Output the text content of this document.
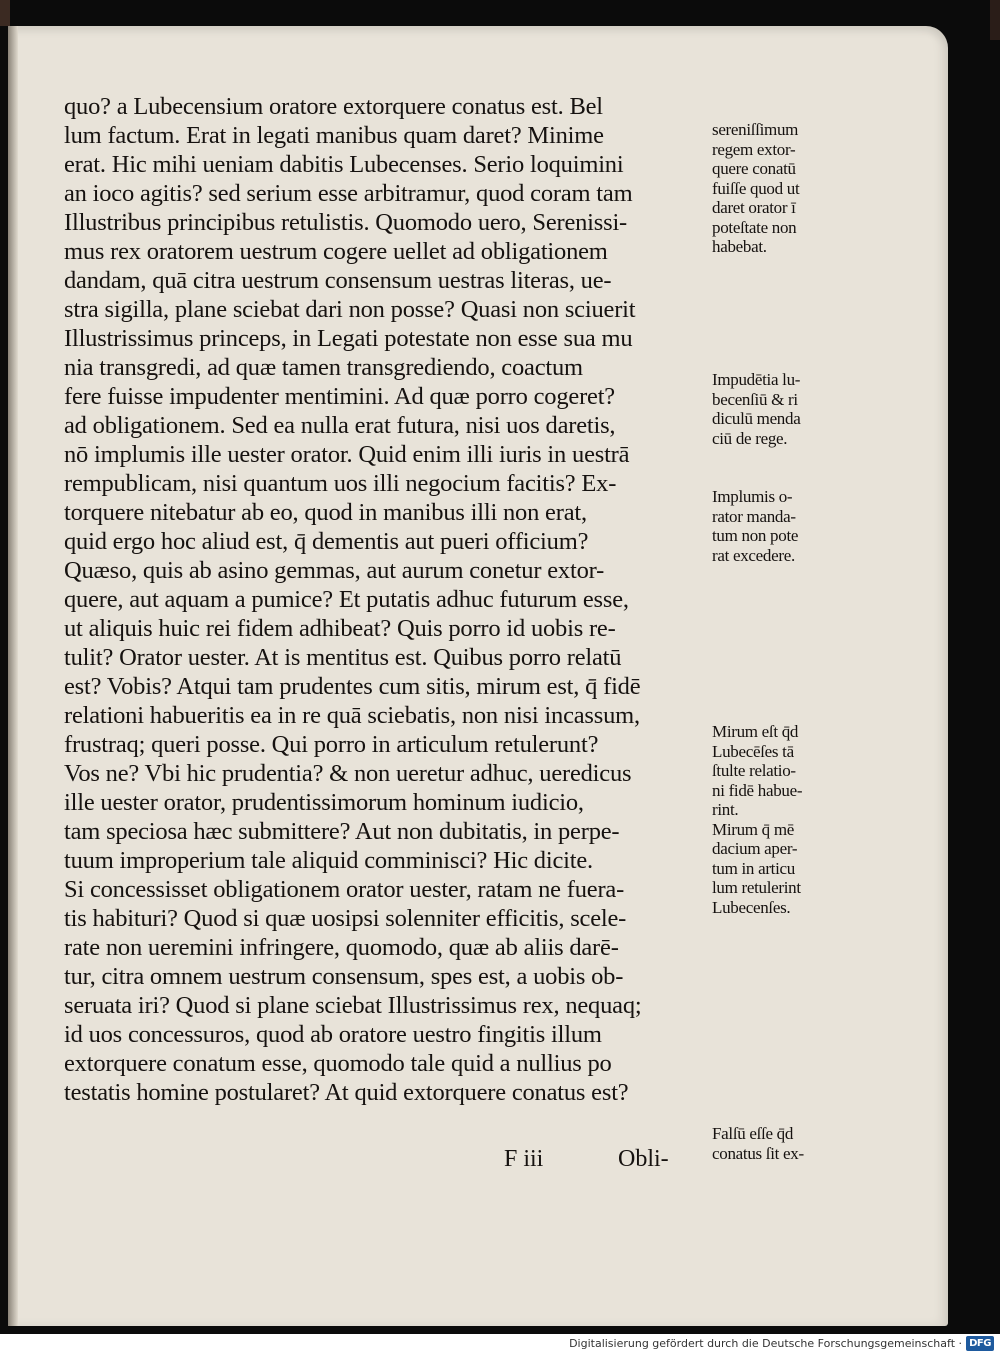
quo? a Lubecensium oratore extorquere conatus est. Bel
lum factum. Erat in legati manibus quam daret? Minime
erat. Hic mihi ueniam dabitis Lubecenses. Serio loquimini
an ioco agitis? sed serium esse arbitramur, quod coram tam
Illustribus principibus retulistis. Quomodo uero, Serenissi-
mus rex oratorem uestrum cogere uellet ad obligationem
dandam, quā citra uestrum consensum uestras literas, ue-
stra sigilla, plane sciebat dari non posse? Quasi non sciuerit
Illustrissimus princeps, in Legati potestate non esse sua mu
nia transgredi, ad quæ tamen transgrediendo, coactum
fere fuisse impudenter mentimini. Ad quæ porro cogeret?
ad obligationem. Sed ea nulla erat futura, nisi uos daretis,
nō implumis ille uester orator. Quid enim illi iuris in uestrā
rempublicam, nisi quantum uos illi negocium facitis? Ex-
torquere nitebatur ab eo, quod in manibus illi non erat,
quid ergo hoc aliud est, q̄ dementis aut pueri officium?
Quæso, quis ab asino gemmas, aut aurum conetur extor-
quere, aut aquam a pumice? Et putatis adhuc futurum esse,
ut aliquis huic rei fidem adhibeat? Quis porro id uobis re-
tulit? Orator uester. At is mentitus est. Quibus porro relatū
est? Vobis? Atqui tam prudentes cum sitis, mirum est, q̄ fidē
relationi habueritis ea in re quā sciebatis, non nisi incassum,
frustraq; queri posse. Qui porro in articulum retulerunt?
Vos ne? Vbi hic prudentia? & non ueretur adhuc, ueredicus
ille uester orator, prudentissimorum hominum iudicio,
tam speciosa hæc submittere? Aut non dubitatis, in perpe-
tuum improperium tale aliquid comminisci? Hic dicite.
Si concessisset obligationem orator uester, ratam ne fuera-
tis habituri? Quod si quæ uosipsi solenniter efficitis, scele-
rate non ueremini infringere, quomodo, quæ ab aliis darē-
tur, citra omnem uestrum consensum, spes est, a uobis ob-
seruata iri? Quod si plane sciebat Illustrissimus rex, nequaq;
id uos concessuros, quod ab oratore uestro fingitis illum
extorquere conatum esse, quomodo tale quid a nullius po
testatis homine postularet? At quid extorquere conatus est?
F iii	Obli-
sereniſſimum
regem extor-
quere conatū
fuiſſe quod ut
daret orator ī
poteſtate non
habebat.
Impudētia lu-
becenſiū & ri
diculū menda
ciū de rege.
Implumis o-
rator manda-
tum non pote
rat excedere.
Mirum eſt q̄d
Lubecēſes tā
ſtulte relatio-
ni fidē habue-
rint.
Mirum q̄ mē
dacium aper-
tum in articu
lum retulerint
Lubecenſes.
Falſū eſſe q̄d
conatus ſit ex-
Digitalisierung gefördert durch die Deutsche Forschungsgemeinschaft · DFG
